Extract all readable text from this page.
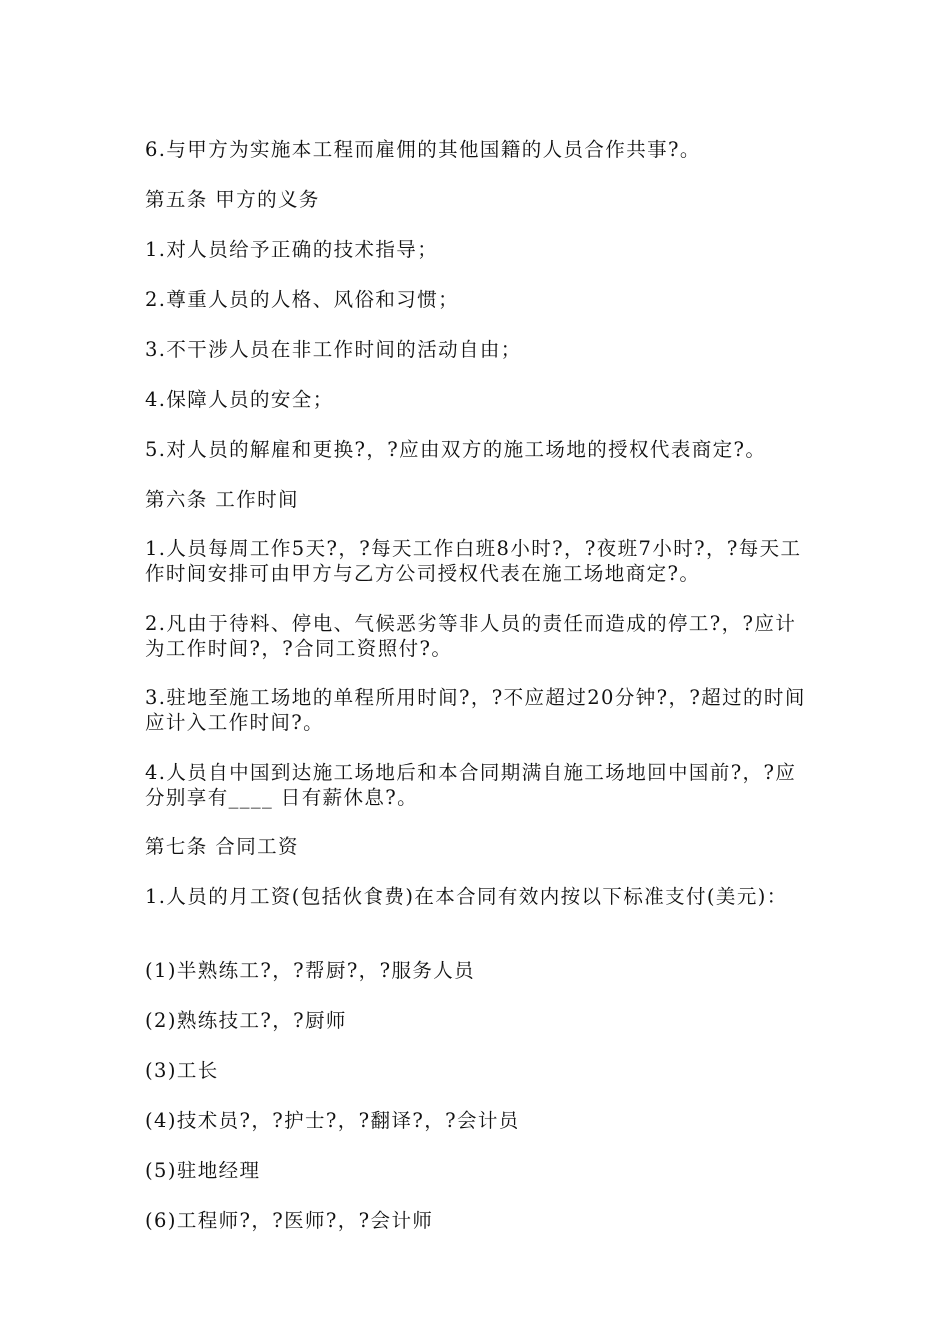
6.与甲方为实施本工程而雇佣的其他国籍的人员合作共事?。

第五条 甲方的义务

1.对人员给予正确的技术指导；

2.尊重人员的人格、风俗和习惯；

3.不干涉人员在非工作时间的活动自由；

4.保障人员的安全；

5.对人员的解雇和更换?，?应由双方的施工场地的授权代表商定?。

第六条 工作时间

1.人员每周工作5天?，?每天工作白班8小时?，?夜班7小时?，?每天工作时间安排可由甲方与乙方公司授权代表在施工场地商定?。

2.凡由于待料、停电、气候恶劣等非人员的责任而造成的停工?，?应计为工作时间?，?合同工资照付?。

3.驻地至施工场地的单程所用时间?，?不应超过20分钟?，?超过的时间应计入工作时间?。

4.人员自中国到达施工场地后和本合同期满自施工场地回中国前?，?应分别享有____ 日有薪休息?。

第七条 合同工资

1.人员的月工资(包括伙食费)在本合同有效内按以下标准支付(美元)：

(1)半熟练工?，?帮厨?，?服务人员

(2)熟练技工?，?厨师

(3)工长

(4)技术员?，?护士?，?翻译?，?会计员

(5)驻地经理

(6)工程师?，?医师?，?会计师
